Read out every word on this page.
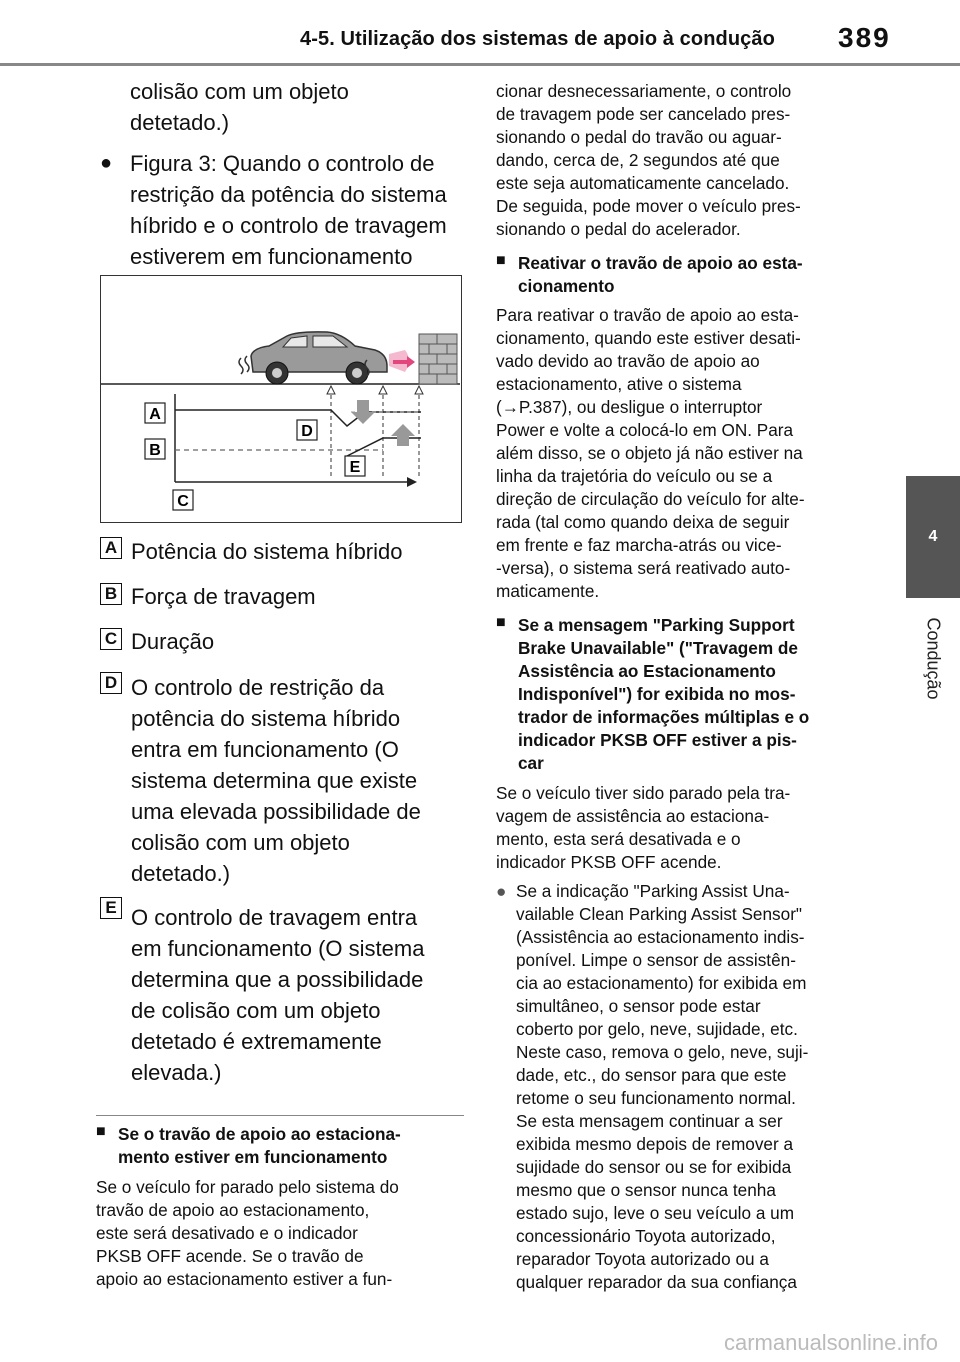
4-5. Utilização dos sistemas de apoio à condução 389
4
Condução
colisão com um objeto
detetado.)
● Figura 3: Quando o controlo de
restrição da potência do sistema
híbrido e o controlo de travagem
estiverem em funcionamento
A
B
C
D
E
A Potência do sistema híbrido
B Força de travagem
C Duração
D O controlo de restrição da
potência do sistema híbrido
entra em funcionamento (O
sistema determina que existe
uma elevada possibilidade de
colisão com um objeto
detetado.)
E O controlo de travagem entra
em funcionamento (O sistema
determina que a possibilidade
de colisão com um objeto
detetado é extremamente
elevada.)
■ Se o travão de apoio ao estaciona-
mento estiver em funcionamento
Se o veículo for parado pelo sistema do
travão de apoio ao estacionamento,
este será desativado e o indicador
PKSB OFF acende. Se o travão de
apoio ao estacionamento estiver a fun-
cionar desnecessariamente, o controlo
de travagem pode ser cancelado pres-
sionando o pedal do travão ou aguar-
dando, cerca de, 2 segundos até que
este seja automaticamente cancelado.
De seguida, pode mover o veículo pres-
sionando o pedal do acelerador.
■ Reativar o travão de apoio ao esta-
cionamento
Para reativar o travão de apoio ao esta-
cionamento, quando este estiver desati-
vado devido ao travão de apoio ao
estacionamento, ative o sistema
(→P.387), ou desligue o interruptor
Power e volte a colocá-lo em ON. Para
além disso, se o objeto já não estiver na
linha da trajetória do veículo ou se a
direção de circulação do veículo for alte-
rada (tal como quando deixa de seguir
em frente e faz marcha-atrás ou vice-
-versa), o sistema será reativado auto-
maticamente.
■ Se a mensagem "Parking Support
Brake Unavailable" ("Travagem de
Assistência ao Estacionamento
Indisponível") for exibida no mos-
trador de informações múltiplas e o
indicador PKSB OFF estiver a pis-
car
Se o veículo tiver sido parado pela tra-
vagem de assistência ao estaciona-
mento, esta será desativada e o
indicador PKSB OFF acende.
● Se a indicação "Parking Assist Una-
vailable Clean Parking Assist Sensor"
(Assistência ao estacionamento indis-
ponível. Limpe o sensor de assistên-
cia ao estacionamento) for exibida em
simultâneo, o sensor pode estar
coberto por gelo, neve, sujidade, etc.
Neste caso, remova o gelo, neve, suji-
dade, etc., do sensor para que este
retome o seu funcionamento normal.
Se esta mensagem continuar a ser
exibida mesmo depois de remover a
sujidade do sensor ou se for exibida
mesmo que o sensor nunca tenha
estado sujo, leve o seu veículo a um
concessionário Toyota autorizado,
reparador Toyota autorizado ou a
qualquer reparador da sua confiança
carmanualsonline.info
